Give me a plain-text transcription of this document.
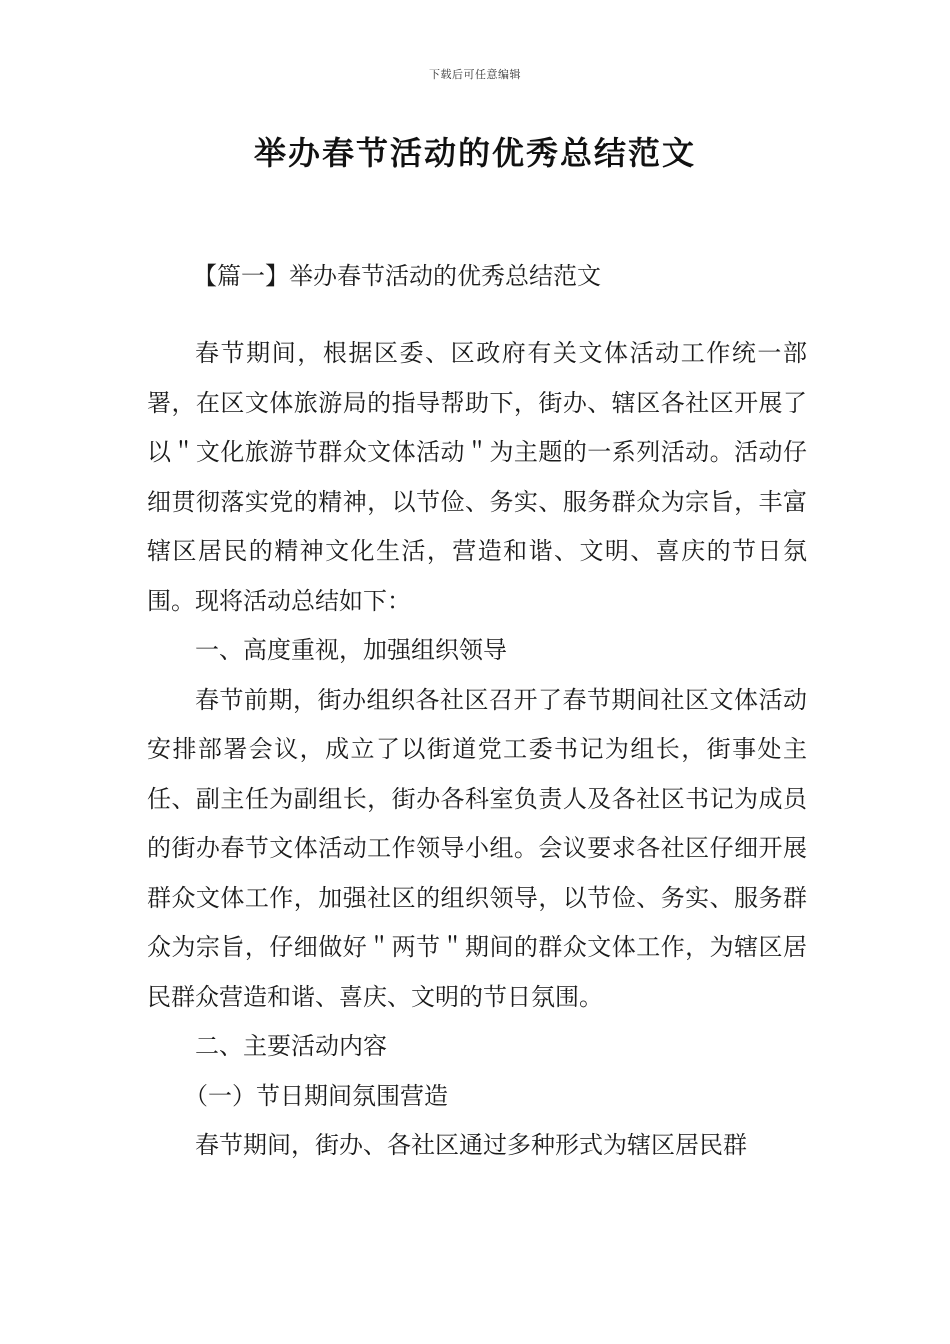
下载后可任意编辑
举办春节活动的优秀总结范文
【篇一】举办春节活动的优秀总结范文

春节期间，根据区委、区政府有关文体活动工作统一部署，在区文体旅游局的指导帮助下，街办、辖区各社区开展了以＂文化旅游节群众文体活动＂为主题的一系列活动。活动仔细贯彻落实党的精神，以节俭、务实、服务群众为宗旨，丰富辖区居民的精神文化生活，营造和谐、文明、喜庆的节日氛围。现将活动总结如下：

一、高度重视，加强组织领导

春节前期，街办组织各社区召开了春节期间社区文体活动安排部署会议，成立了以街道党工委书记为组长，街事处主任、副主任为副组长，街办各科室负责人及各社区书记为成员的街办春节文体活动工作领导小组。会议要求各社区仔细开展群众文体工作，加强社区的组织领导，以节俭、务实、服务群众为宗旨，仔细做好＂两节＂期间的群众文体工作，为辖区居民群众营造和谐、喜庆、文明的节日氛围。

二、主要活动内容

（一）节日期间氛围营造

春节期间，街办、各社区通过多种形式为辖区居民群
